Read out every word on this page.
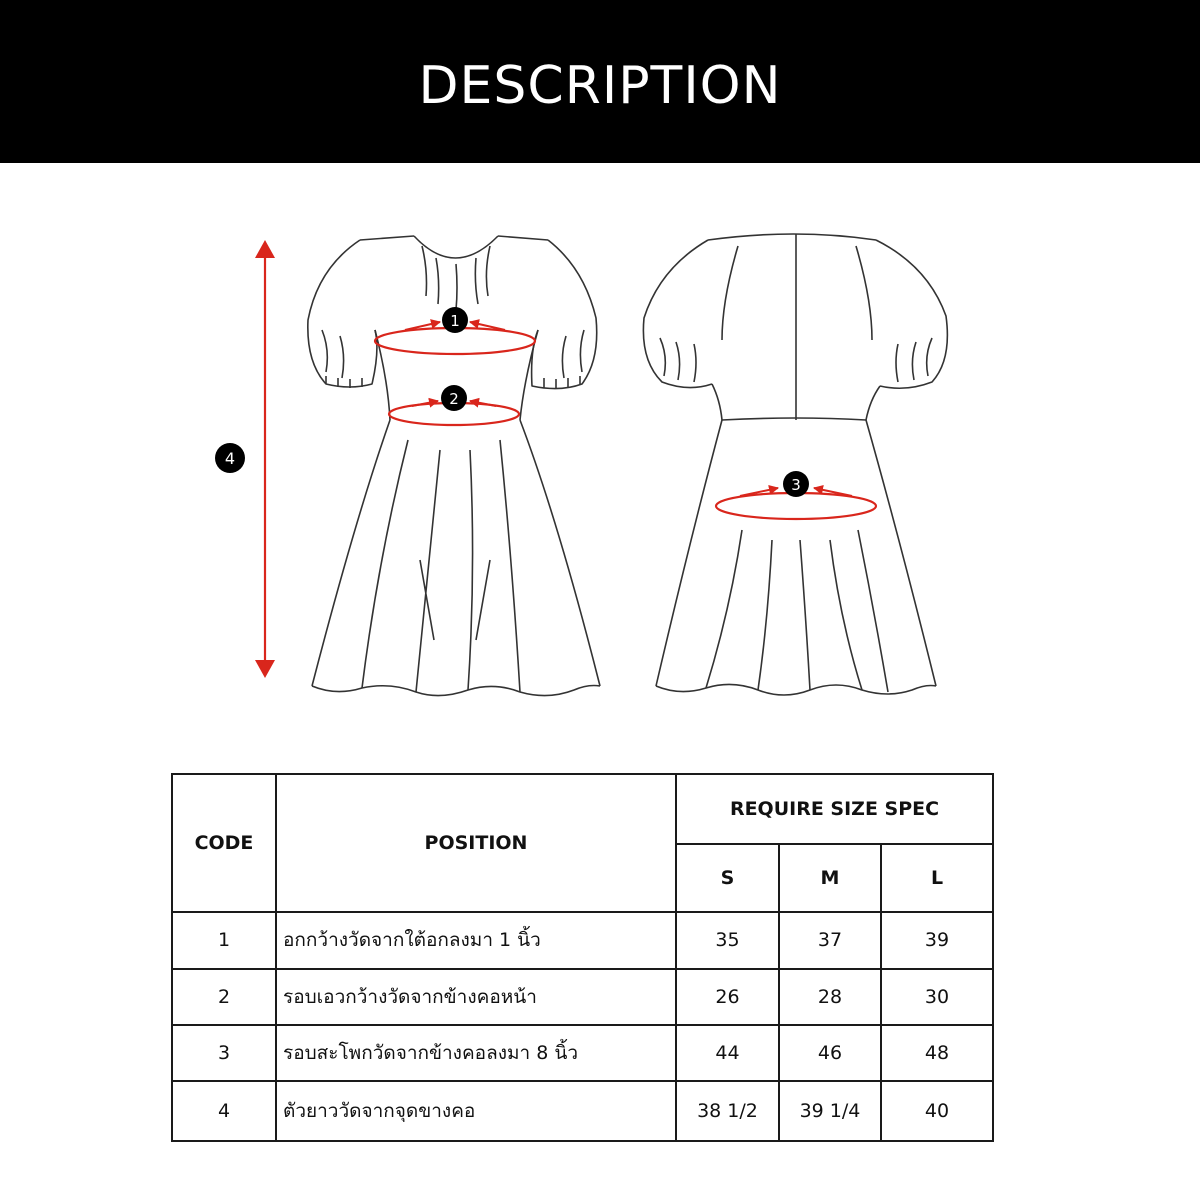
DESCRIPTION
1
2
3
4
CODE	POSITION	REQUIRE SIZE SPEC		
		S	M	L
1	อกกว้างวัดจากใต้อกลงมา 1 นิ้ว	35	37	39
2	รอบเอวกว้างวัดจากข้างคอหน้า	26	28	30
3	รอบสะโพกวัดจากข้างคอลงมา 8 นิ้ว	44	46	48
4	ตัวยาววัดจากจุดขางคอ	38 1/2	39 1/4	40
